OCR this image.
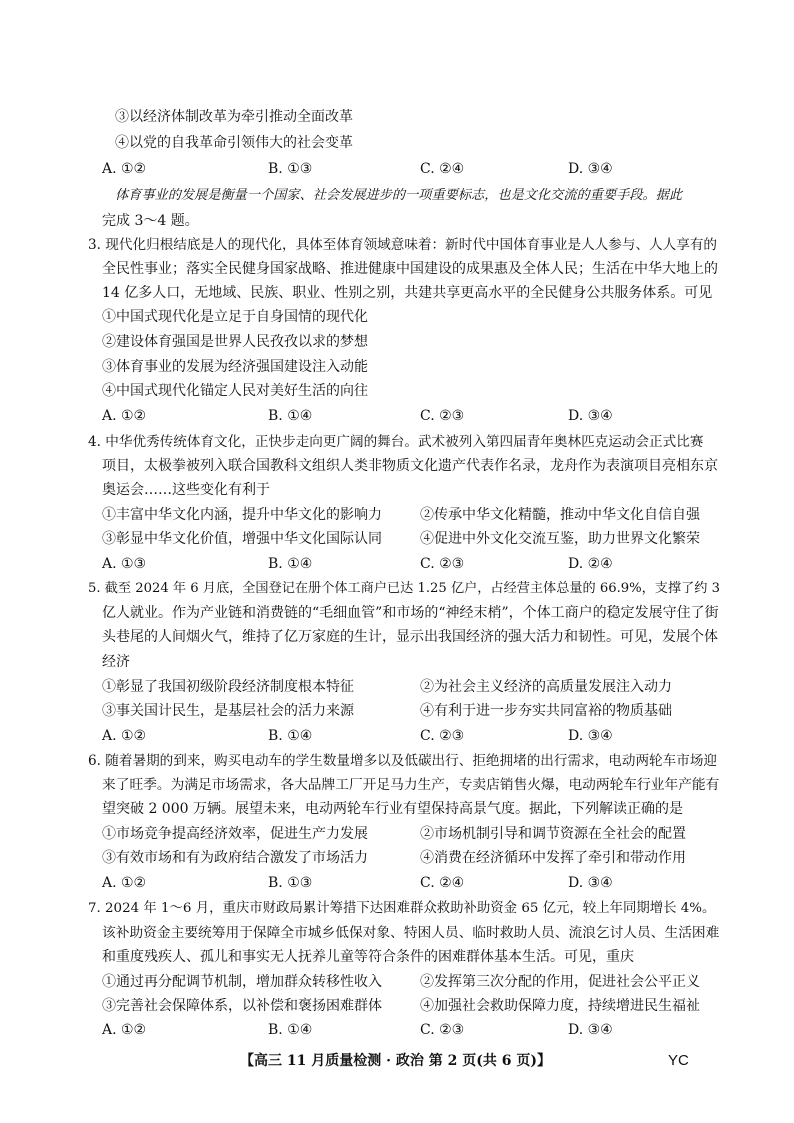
③以经济体制改革为牵引推动全面改革
④以党的自我革命引领伟大的社会变革
A. ①②	B. ①③	C. ②④	D. ③④
体育事业的发展是衡量一个国家、社会发展进步的一项重要标志，也是文化交流的重要手段。据此
完成 3～4 题。
3. 现代化归根结底是人的现代化，具体至体育领域意味着：新时代中国体育事业是人人参与、人人享有的
全民性事业；落实全民健身国家战略、推进健康中国建设的成果惠及全体人民；生活在中华大地上的
14 亿多人口，无地域、民族、职业、性别之别，共建共享更高水平的全民健身公共服务体系。可见
①中国式现代化是立足于自身国情的现代化
②建设体育强国是世界人民孜孜以求的梦想
③体育事业的发展为经济强国建设注入动能
④中国式现代化锚定人民对美好生活的向往
A. ①②	B. ①④	C. ②③	D. ③④
4. 中华优秀传统体育文化，正快步走向更广阔的舞台。武术被列入第四届青年奥林匹克运动会正式比赛
项目，太极拳被列入联合国教科文组织人类非物质文化遗产代表作名录，龙舟作为表演项目亮相东京
奥运会……这些变化有利于
①丰富中华文化内涵，提升中华文化的影响力	②传承中华文化精髓，推动中华文化自信自强
③彰显中华文化价值，增强中华文化国际认同	④促进中外文化交流互鉴，助力世界文化繁荣
A. ①③	B. ①④	C. ②③	D. ②④
5. 截至 2024 年 6 月底，全国登记在册个体工商户已达 1.25 亿户，占经营主体总量的 66.9%，支撑了约 3
亿人就业。作为产业链和消费链的“毛细血管”和市场的“神经末梢”，个体工商户的稳定发展守住了街
头巷尾的人间烟火气，维持了亿万家庭的生计，显示出我国经济的强大活力和韧性。可见，发展个体
经济
①彰显了我国初级阶段经济制度根本特征	②为社会主义经济的高质量发展注入动力
③事关国计民生，是基层社会的活力来源	④有利于进一步夯实共同富裕的物质基础
A. ①②	B. ①④	C. ②③	D. ③④
6. 随着暑期的到来，购买电动车的学生数量增多以及低碳出行、拒绝拥堵的出行需求，电动两轮车市场迎
来了旺季。为满足市场需求，各大品牌工厂开足马力生产，专卖店销售火爆，电动两轮车行业年产能有
望突破 2 000 万辆。展望未来，电动两轮车行业有望保持高景气度。据此，下列解读正确的是
①市场竞争提高经济效率，促进生产力发展	②市场机制引导和调节资源在全社会的配置
③有效市场和有为政府结合激发了市场活力	④消费在经济循环中发挥了牵引和带动作用
A. ①②	B. ①③	C. ②④	D. ③④
7. 2024 年 1～6 月，重庆市财政局累计筹措下达困难群众救助补助资金 65 亿元，较上年同期增长 4%。
该补助资金主要统筹用于保障全市城乡低保对象、特困人员、临时救助人员、流浪乞讨人员、生活困难
和重度残疾人、孤儿和事实无人抚养儿童等符合条件的困难群体基本生活。可见，重庆
①通过再分配调节机制，增加群众转移性收入	②发挥第三次分配的作用，促进社会公平正义
③完善社会保障体系，以补偿和褒扬困难群体	④加强社会救助保障力度，持续增进民生福祉
A. ①②	B. ①④	C. ②③	D. ③④
【高三 11 月质量检测 · 政治 第 2 页(共 6 页)】	YC
